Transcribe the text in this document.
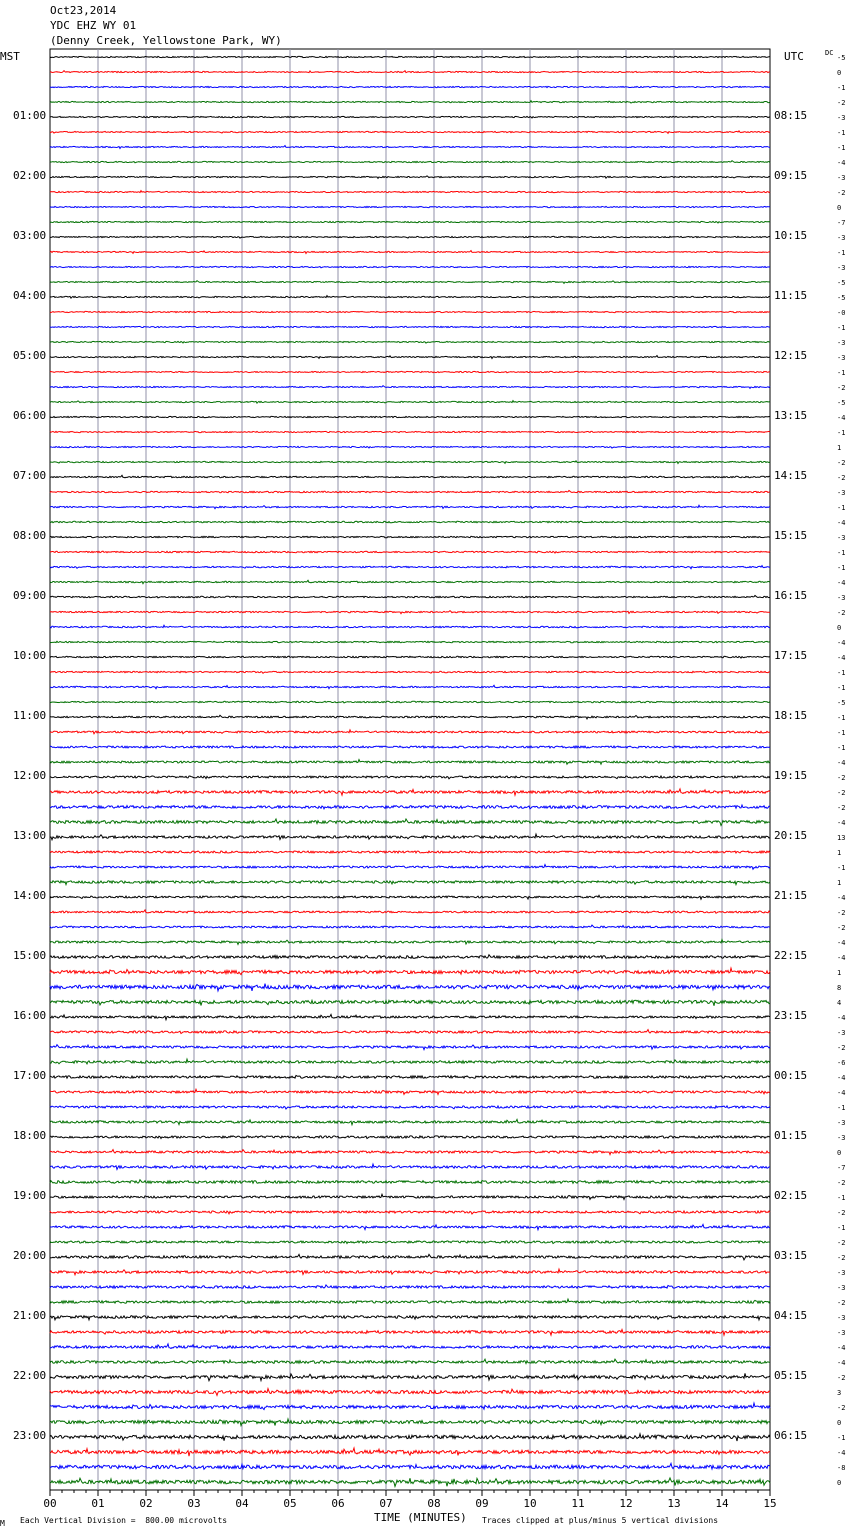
Oct23,2014
YDC EHZ WY 01
(Denny Creek, Yellowstone Park, WY)
MST	UTC	DC
00	01	02	03	04	05	06	07	08	09	10	11	12	13	14	15
01:00
02:00
03:00
04:00
05:00
06:00
07:00
08:00
09:00
10:00
11:00
12:00
13:00
14:00
15:00
16:00
17:00
18:00
19:00
20:00
21:00
22:00
23:00
08:15
09:15
10:15
11:15
12:15
13:15
14:15
15:15
16:15
17:15
18:15
19:15
20:15
21:15
22:15
23:15
00:15
01:15
02:15
03:15
04:15
05:15
06:15
-5
0
-1
-2
-3
-1
-1
-4
-3
-2
0
-7
-3
-1
-3
-5
-5
-0
-1
-3
-3
-1
-2
-5
-4
-1
1
-2
-2
-3
-1
-4
-3
-1
-1
-4
-3
-2
0
-4
-4
-1
-1
-5
-1
-1
-1
-4
-2
-2
-2
-4
13
1
-1
1
-4
-2
-2
-4
-4
1
8
4
-4
-3
-2
-6
-4
-4
-1
-3
-3
0
-7
-2
-1
-2
-1
-2
-2
-3
-3
-2
-3
-3
-4
-4
-2
3
-2
0
-1
-4
-8
0
M Each Vertical Division =  800.00 microvolts	TIME (MINUTES) Traces clipped at plus/minus 5 vertical divisions
